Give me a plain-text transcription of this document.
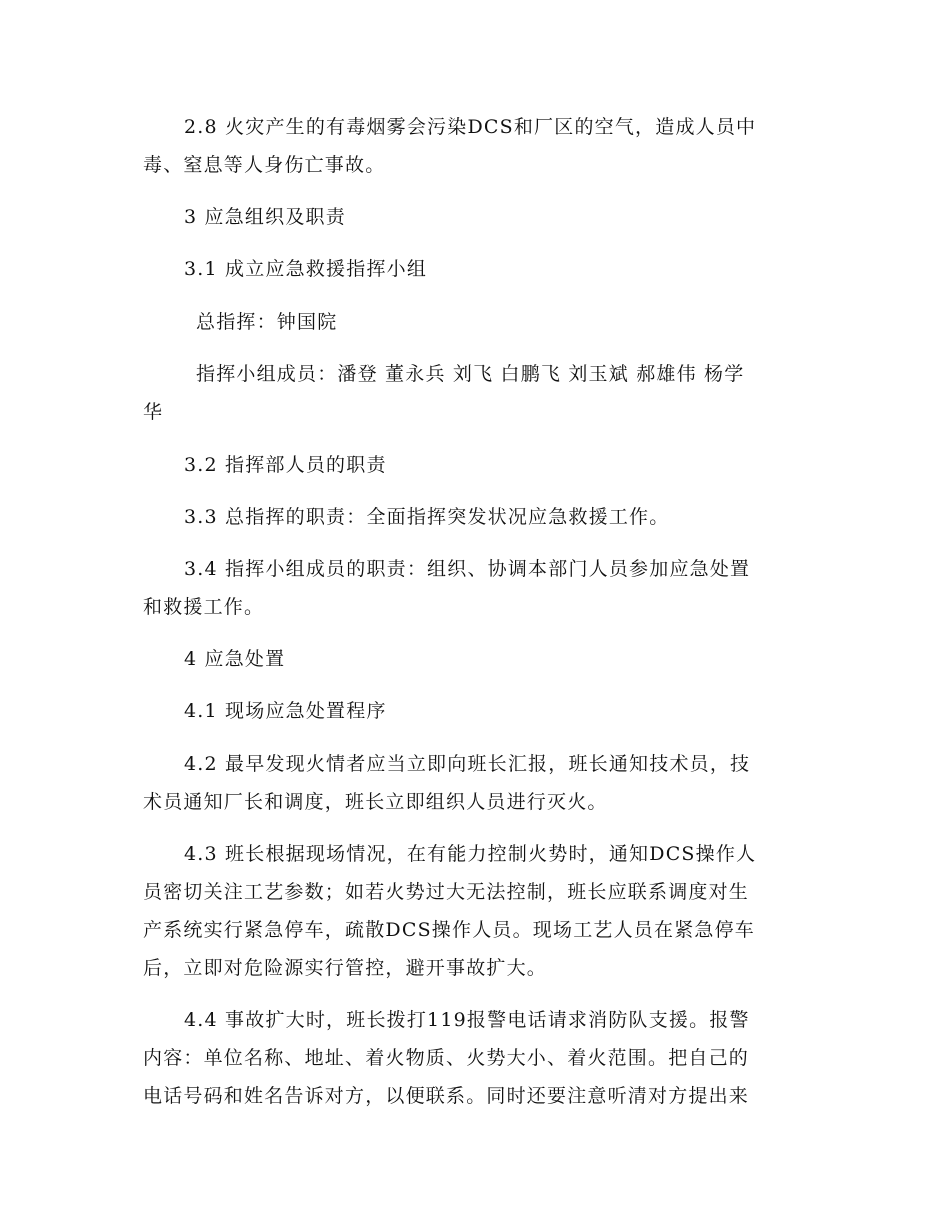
2.8 火灾产生的有毒烟雾会污染DCS和厂区的空气，造成人员中
毒、窒息等人身伤亡事故。
3 应急组织及职责
3.1 成立应急救援指挥小组
总指挥：钟国院
指挥小组成员：潘登 董永兵 刘飞 白鹏飞 刘玉斌 郝雄伟 杨学
华
3.2 指挥部人员的职责
3.3 总指挥的职责：全面指挥突发状况应急救援工作。
3.4 指挥小组成员的职责：组织、协调本部门人员参加应急处置
和救援工作。
4 应急处置
4.1 现场应急处置程序
4.2 最早发现火情者应当立即向班长汇报，班长通知技术员，技
术员通知厂长和调度，班长立即组织人员进行灭火。
4.3 班长根据现场情况，在有能力控制火势时，通知DCS操作人
员密切关注工艺参数；如若火势过大无法控制，班长应联系调度对生
产系统实行紧急停车，疏散DCS操作人员。现场工艺人员在紧急停车
后，立即对危险源实行管控，避开事故扩大。
4.4 事故扩大时，班长拨打119报警电话请求消防队支援。报警
内容：单位名称、地址、着火物质、火势大小、着火范围。把自己的
电话号码和姓名告诉对方，以便联系。同时还要注意听清对方提出来
